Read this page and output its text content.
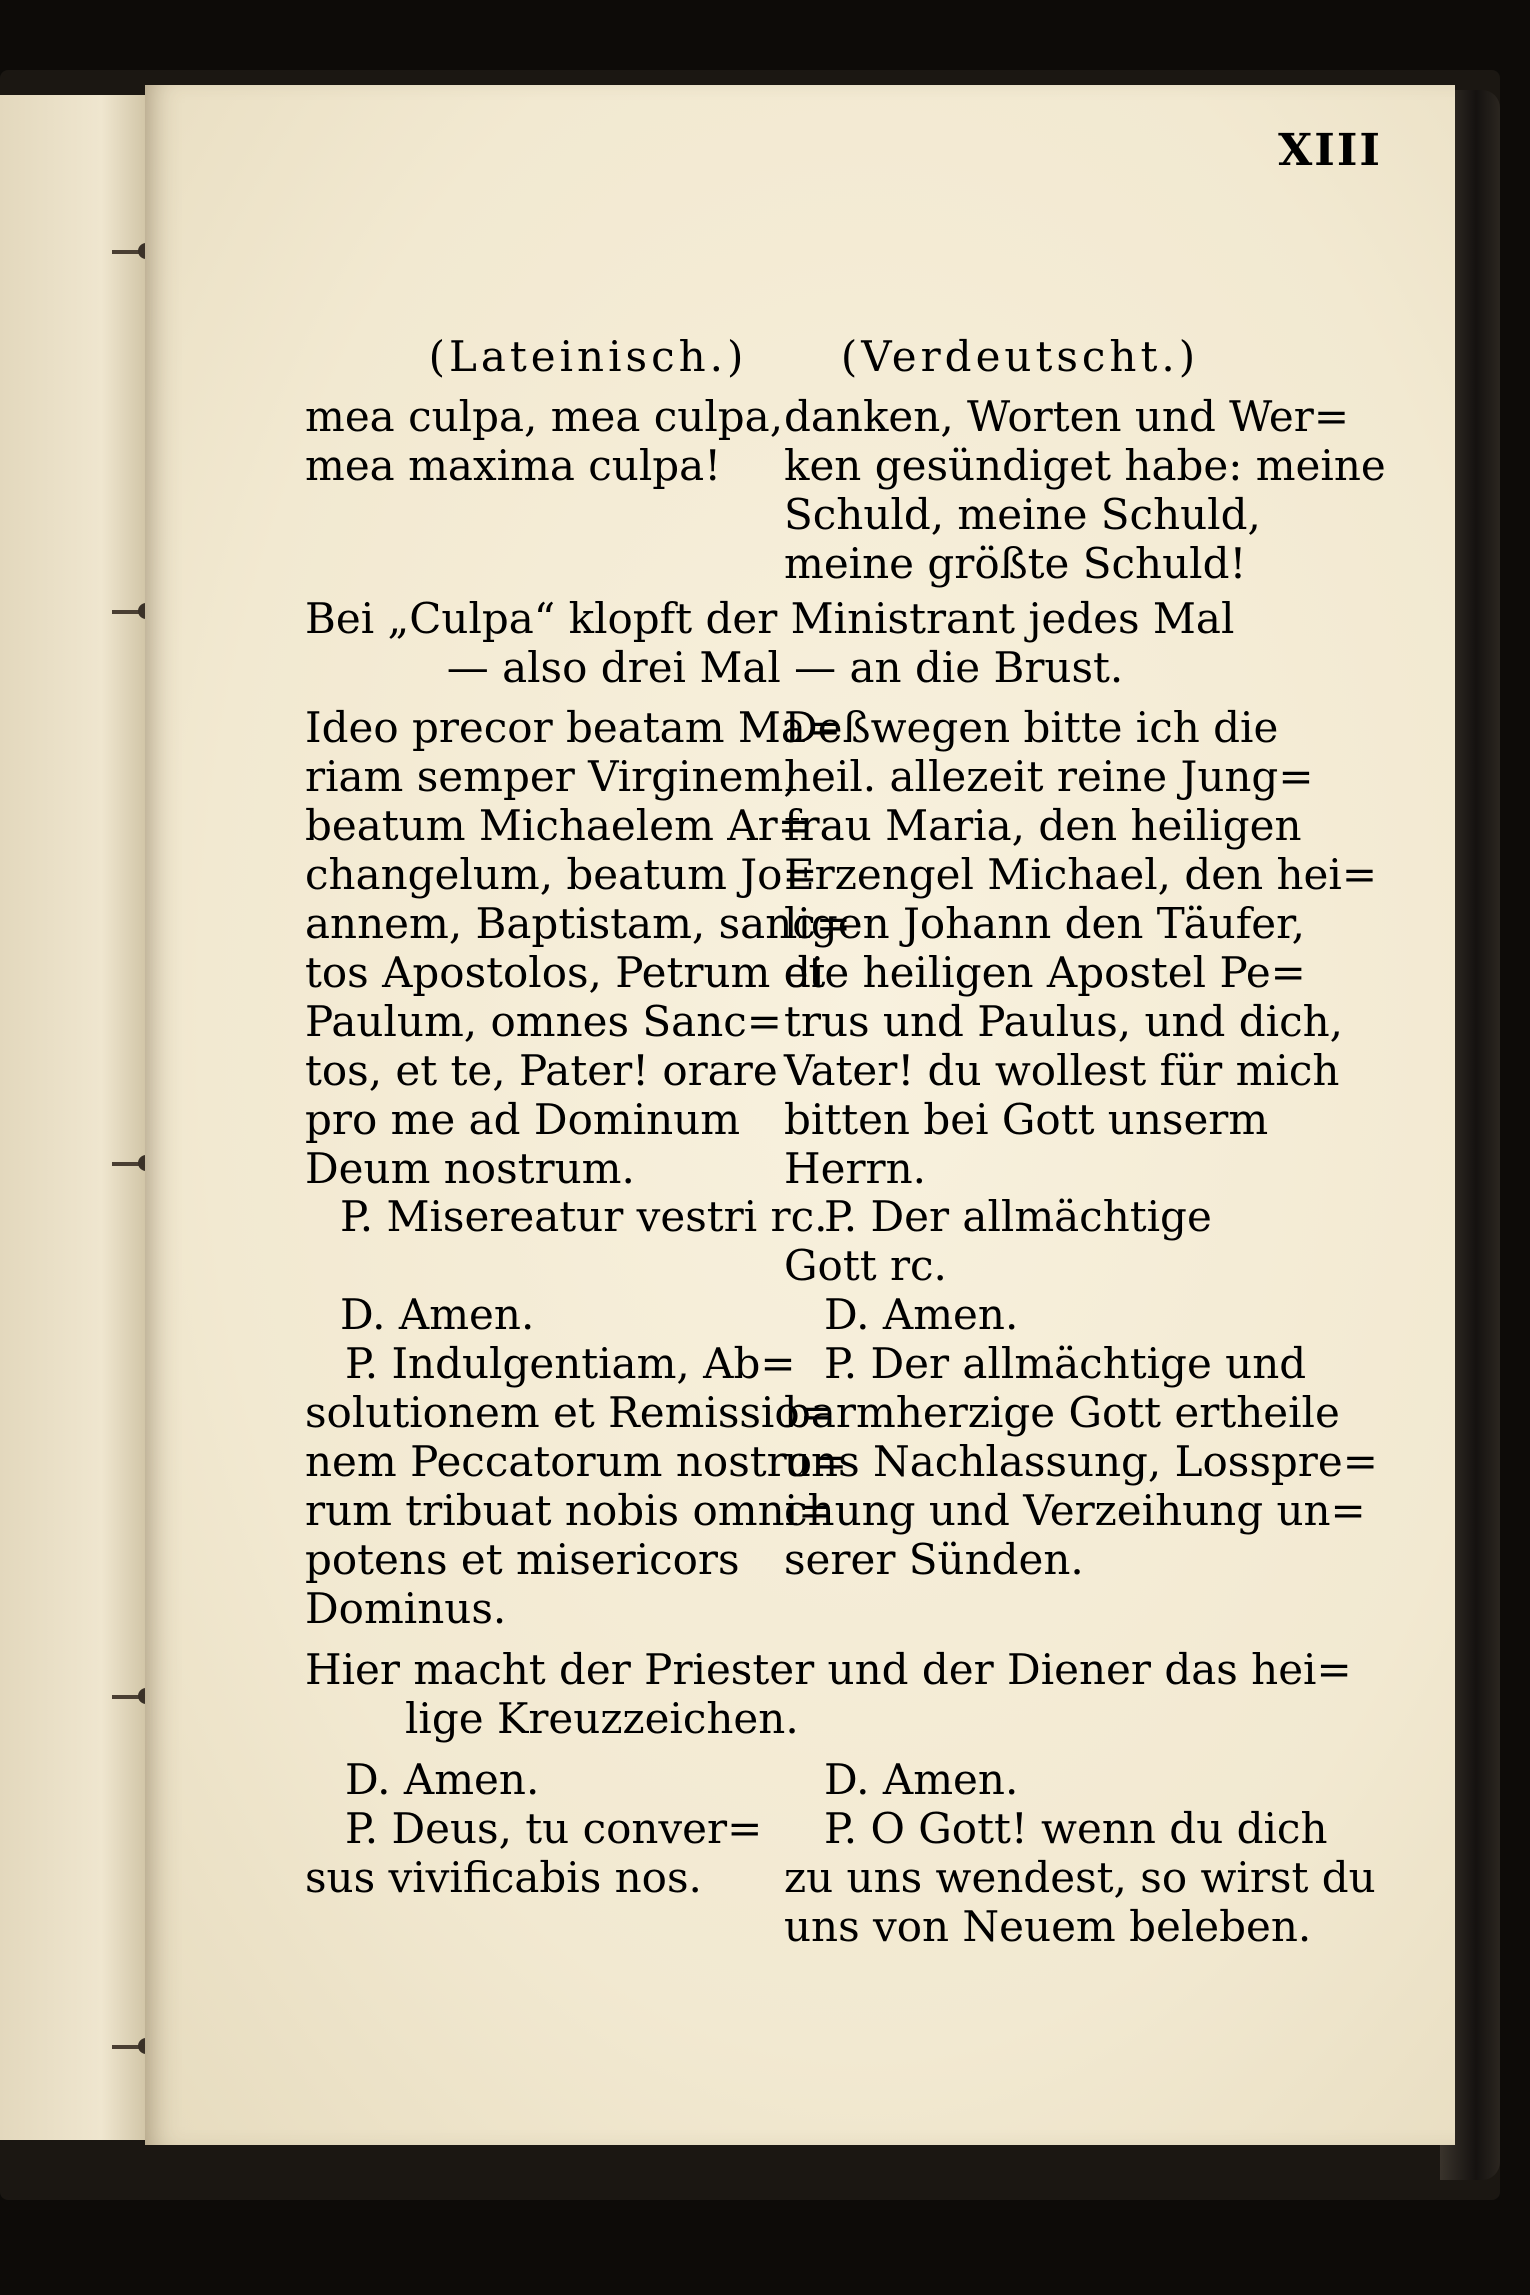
XIII
(Lateinisch.)	(Verdeutscht.)
mea culpa, mea culpa,
mea maxima culpa!
danken, Worten und Wer=
ken gesündiget habe: meine
Schuld, meine Schuld,
meine größte Schuld!
Bei „Culpa“ klopft der Ministrant jedes Mal
— also drei Mal — an die Brust.
Ideo precor beatam Ma=
riam semper Virginem,
beatum Michaelem Ar=
changelum, beatum Jo=
annem, Baptistam, sanc=
tos Apostolos, Petrum et
Paulum, omnes Sanc=
tos, et te, Pater! orare
pro me ad Dominum
Deum nostrum.
Deßwegen bitte ich die
heil. allezeit reine Jung=
frau Maria, den heiligen
Erzengel Michael, den hei=
ligen Johann den Täufer,
die heiligen Apostel Pe=
trus und Paulus, und dich,
Vater! du wollest für mich
bitten bei Gott unserm
Herrn.
P. Misereatur vestri rc.
D. Amen.
P. Der allmächtige
Gott rc.
D. Amen.
P. Indulgentiam, Ab=
solutionem et Remissio=
nem Peccatorum nostro=
rum tribuat nobis omni=
potens et misericors
Dominus.
P. Der allmächtige und
barmherzige Gott ertheile
uns Nachlassung, Losspre=
chung und Verzeihung un=
serer Sünden.
Hier macht der Priester und der Diener das hei=
lige Kreuzzeichen.
D. Amen.
P. Deus, tu conver=
sus vivificabis nos.
D. Amen.
P. O Gott! wenn du dich
zu uns wendest, so wirst du
uns von Neuem beleben.
